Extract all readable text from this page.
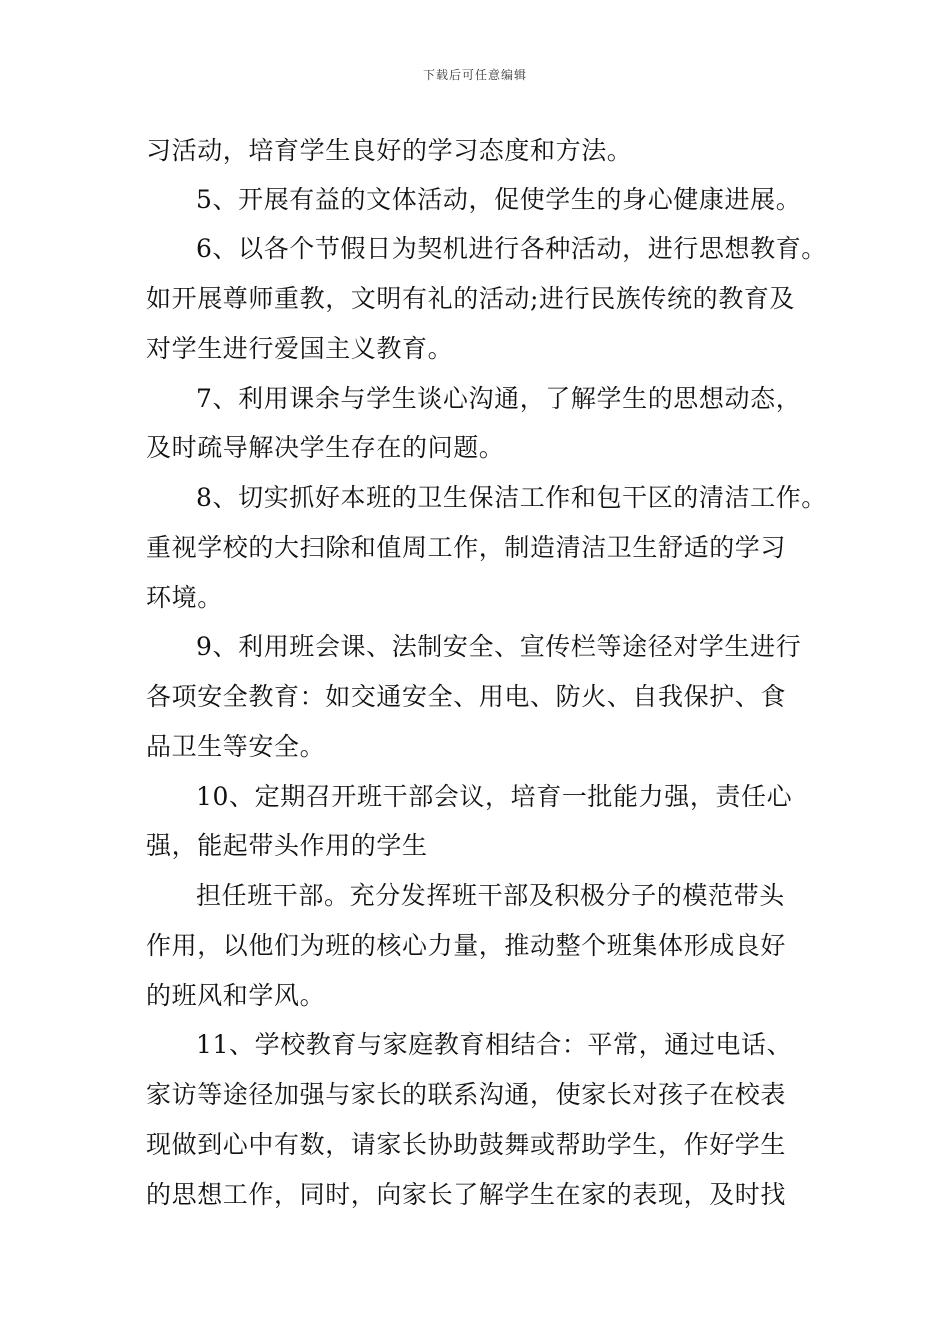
下载后可任意编辑
习活动，培育学生良好的学习态度和方法。
5、开展有益的文体活动，促使学生的身心健康进展。
6、以各个节假日为契机进行各种活动，进行思想教育。
如开展尊师重教，文明有礼的活动;进行民族传统的教育及
对学生进行爱国主义教育。
7、利用课余与学生谈心沟通，了解学生的思想动态，
及时疏导解决学生存在的问题。
8、切实抓好本班的卫生保洁工作和包干区的清洁工作。
重视学校的大扫除和值周工作，制造清洁卫生舒适的学习
环境。
9、利用班会课、法制安全、宣传栏等途径对学生进行
各项安全教育：如交通安全、用电、防火、自我保护、食
品卫生等安全。
10、定期召开班干部会议，培育一批能力强，责任心
强，能起带头作用的学生
担任班干部。充分发挥班干部及积极分子的模范带头
作用，以他们为班的核心力量，推动整个班集体形成良好
的班风和学风。
11、学校教育与家庭教育相结合：平常，通过电话、
家访等途径加强与家长的联系沟通，使家长对孩子在校表
现做到心中有数，请家长协助鼓舞或帮助学生，作好学生
的思想工作，同时，向家长了解学生在家的表现，及时找
